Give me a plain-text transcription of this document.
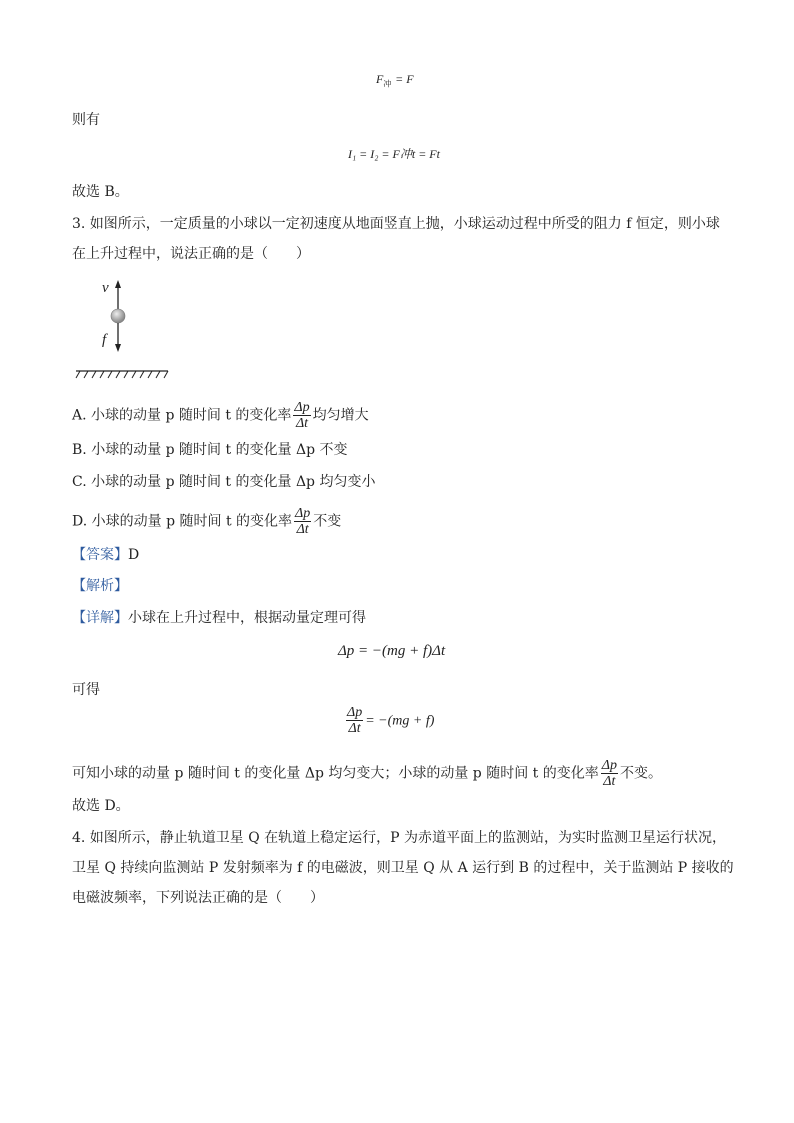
$F_冲 = F$
则有
I₁ = I₂ = F冲t = Ft
故选 B。
3. 如图所示，一定质量的小球以一定初速度从地面竖直上抛，小球运动过程中所受的阻力 f 恒定，则小球
在上升过程中，说法正确的是（　　）
v
f
A. 小球的动量 p 随时间 t 的变化率 $\frac{\Delta p}{\Delta t}$ 均匀增大
B. 小球的动量 p 随时间 t 的变化量 Δp 不变
C. 小球的动量 p 随时间 t 的变化量 Δp 均匀变小
D. 小球的动量 p 随时间 t 的变化率 $\frac{\Delta p}{\Delta t}$ 不变
【答案】D
【解析】
【详解】小球在上升过程中，根据动量定理可得
Δp = −(mg + f)Δt
可得
$\frac{\Delta p}{\Delta t} = -(mg + f)$
可知小球的动量 p 随时间 t 的变化量 Δp 均匀变大；小球的动量 p 随时间 t 的变化率 $\frac{\Delta p}{\Delta t}$ 不变。
故选 D。
4. 如图所示，静止轨道卫星 Q 在轨道上稳定运行，P 为赤道平面上的监测站，为实时监测卫星运行状况，
卫星 Q 持续向监测站 P 发射频率为 f 的电磁波，则卫星 Q 从 A 运行到 B 的过程中，关于监测站 P 接收的
电磁波频率，下列说法正确的是（　　）
